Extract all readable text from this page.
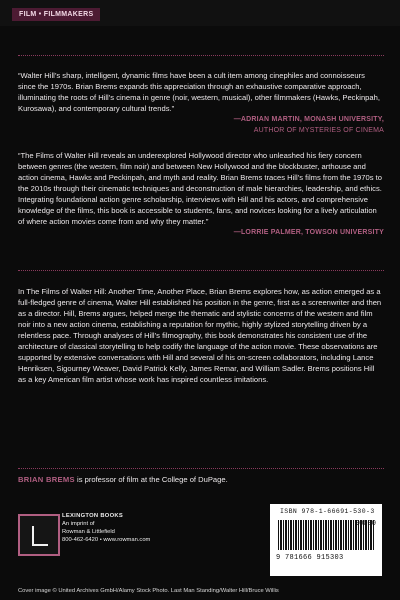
FILM • FILMMAKERS
“Walter Hill’s sharp, intelligent, dynamic films have been a cult item among cinephiles and connoisseurs since the 1970s. Brian Brems expands this appreciation through an exhaustive comparative approach, illuminating the roots of Hill’s cinema in genre (noir, western, musical), other filmmakers (Hawks, Peckinpah, Kurosawa), and contemporary cultural trends.”
—ADRIAN MARTIN, MONASH UNIVERSITY,
AUTHOR OF MYSTERIES OF CINEMA
“The Films of Walter Hill reveals an underexplored Hollywood director who unleashed his fiery concern between genres (the western, film noir) and between New Hollywood and the blockbuster, arthouse and action cinema, Hawks and Peckinpah, and myth and reality. Brian Brems traces Hill’s films from the 1970s to the 2010s through their cinematic techniques and deconstruction of male hierarchies, leadership, and ethics. Integrating foundational action genre scholarship, interviews with Hill and his actors, and comprehensive knowledge of the films, this book is accessible to students, fans, and novices looking for a lively articulation of where action movies come from and why they matter.”
—LORRIE PALMER, TOWSON UNIVERSITY
In The Films of Walter Hill: Another Time, Another Place, Brian Brems explores how, as action emerged as a full-fledged genre of cinema, Walter Hill established his position in the genre, first as a screenwriter and then as a director. Hill, Brems argues, helped merge the thematic and stylistic concerns of the western and film noir into a new action cinema, establishing a reputation for mythic, highly stylized storytelling driven by a relentless pace. Through analyses of Hill’s filmography, this book demonstrates his consistent use of the architecture of classical storytelling to help codify the language of the action movie. These observations are supported by extensive conversations with Hill and several of his on-screen collaborators, including Lance Henriksen, Sigourney Weaver, David Patrick Kelly, James Remar, and William Sadler. Brems positions Hill as a key American film artist whose work has inspired countless imitations.
BRIAN BREMS is professor of film at the College of DuPage.
LEXINGTON BOOKS
An imprint of
Rowman & Littlefield
800-462-6420 • www.rowman.com
ISBN 978-1-66691-530-3
90000
9 781666 915303
Cover image © United Archives GmbH/Alamy Stock Photo. Last Man Standing/Walter Hill/Bruce Willis
